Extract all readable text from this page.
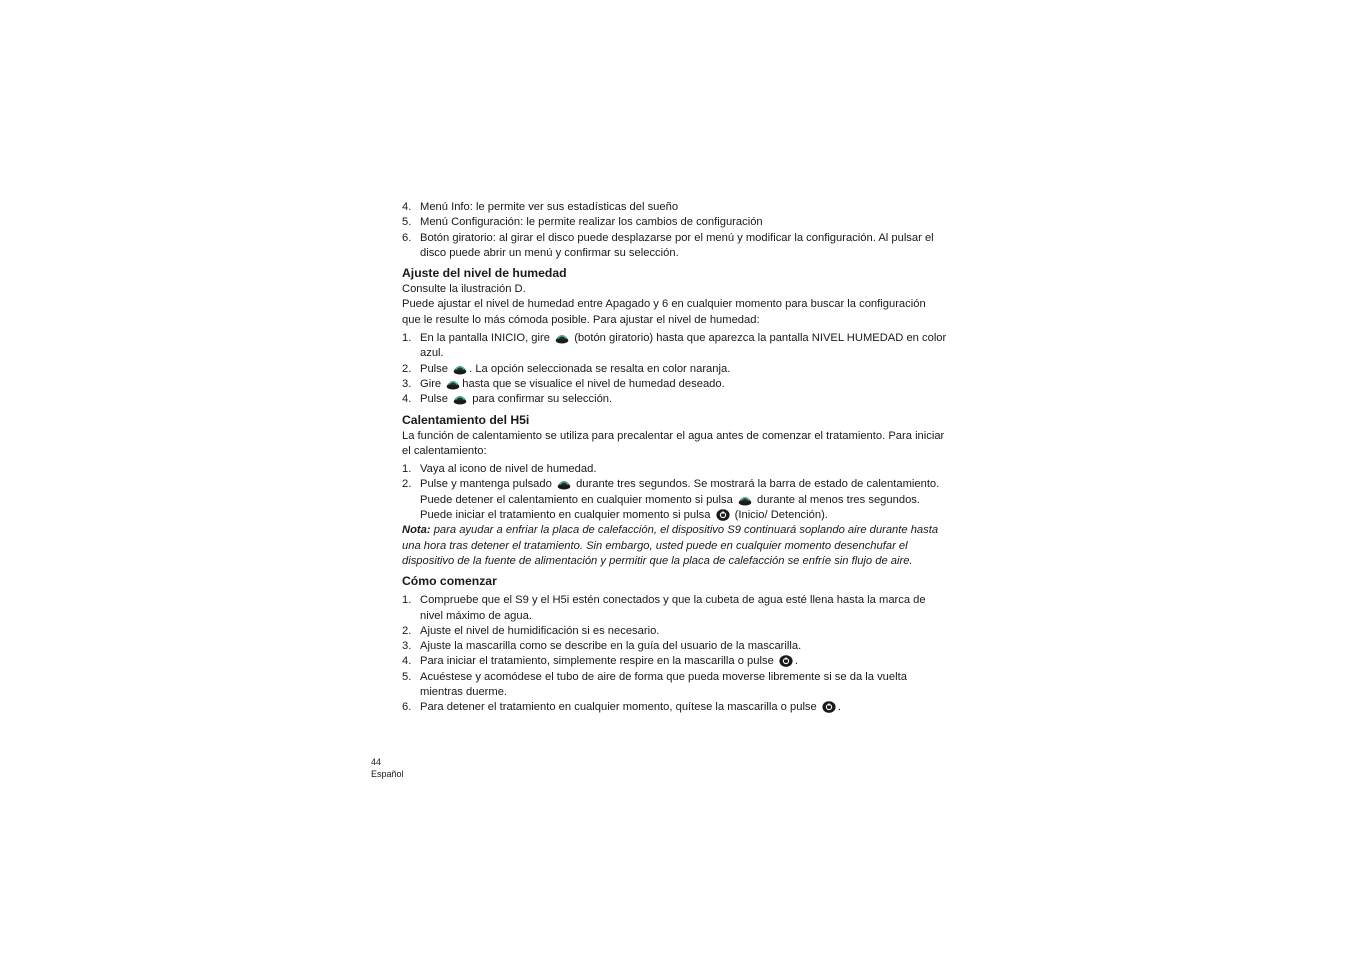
4. Menú Info: le permite ver sus estadísticas del sueño
5. Menú Configuración: le permite realizar los cambios de configuración
6. Botón giratorio: al girar el disco puede desplazarse por el menú y modificar la configuración. Al pulsar el disco puede abrir un menú y confirmar su selección.
Ajuste del nivel de humedad

Consulte la ilustración D.

Puede ajustar el nivel de humedad entre Apagado y 6 en cualquier momento para buscar la configuración que le resulte lo más cómoda posible. Para ajustar el nivel de humedad:

1. En la pantalla INICIO, gire (botón giratorio) hasta que aparezca la pantalla NIVEL HUMEDAD en color azul.
2. Pulse . La opción seleccionada se resalta en color naranja.
3. Gire hasta que se visualice el nivel de humedad deseado.
4. Pulse para confirmar su selección.
Calentamiento del H5i

La función de calentamiento se utiliza para precalentar el agua antes de comenzar el tratamiento. Para iniciar el calentamiento:

1. Vaya al icono de nivel de humedad.
2. Pulse y mantenga pulsado durante tres segundos. Se mostrará la barra de estado de calentamiento. Puede detener el calentamiento en cualquier momento si pulsa durante al menos tres segundos. Puede iniciar el tratamiento en cualquier momento si pulsa (Inicio/ Detención).

Nota: para ayudar a enfriar la placa de calefacción, el dispositivo S9 continuará soplando aire durante hasta una hora tras detener el tratamiento. Sin embargo, usted puede en cualquier momento desenchufar el dispositivo de la fuente de alimentación y permitir que la placa de calefacción se enfríe sin flujo de aire.

Cómo comenzar
1. Compruebe que el S9 y el H5i estén conectados y que la cubeta de agua esté llena hasta la marca de nivel máximo de agua.
2. Ajuste el nivel de humidificación si es necesario.
3. Ajuste la mascarilla como se describe en la guía del usuario de la mascarilla.
4. Para iniciar el tratamiento, simplemente respire en la mascarilla o pulse .
5. Acuéstese y acomódese el tubo de aire de forma que pueda moverse libremente si se da la vuelta mientras duerme.
6. Para detener el tratamiento en cualquier momento, quítese la mascarilla o pulse .
44
Español
